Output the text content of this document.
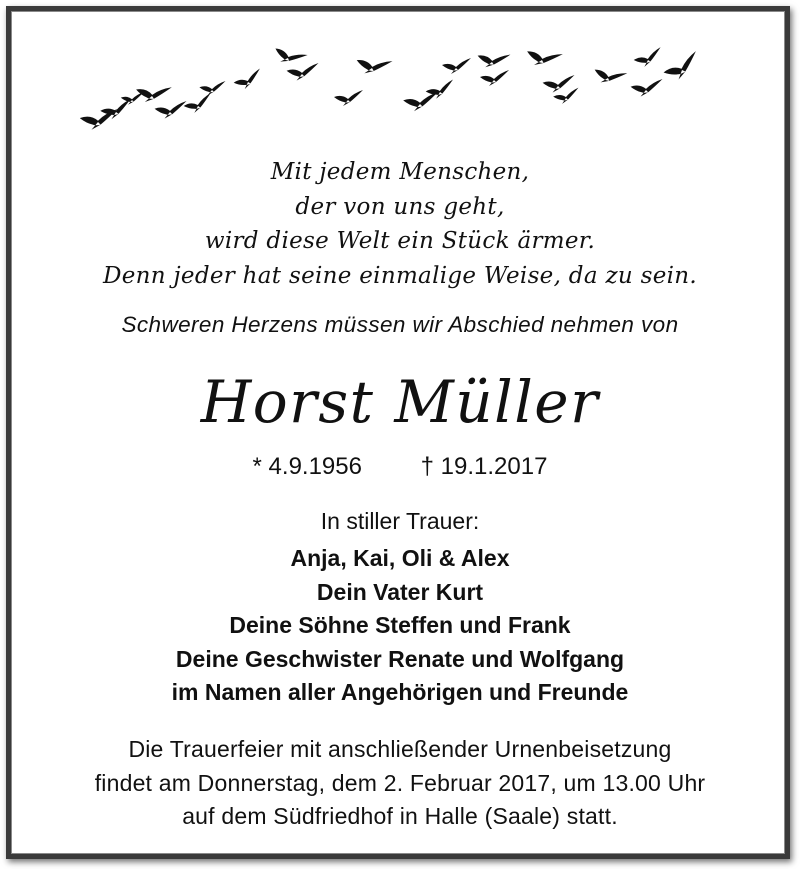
Mit jedem Menschen,
der von uns geht,
wird diese Welt ein Stück ärmer.
Denn jeder hat seine einmalige Weise, da zu sein.
Schweren Herzens müssen wir Abschied nehmen von
Horst Müller
* 4.9.1956 † 19.1.2017
In stiller Trauer:
Anja, Kai, Oli & Alex
Dein Vater Kurt
Deine Söhne Steffen und Frank
Deine Geschwister Renate und Wolfgang
im Namen aller Angehörigen und Freunde
Die Trauerfeier mit anschließender Urnenbeisetzung
findet am Donnerstag, dem 2. Februar 2017, um 13.00 Uhr
auf dem Südfriedhof in Halle (Saale) statt.
